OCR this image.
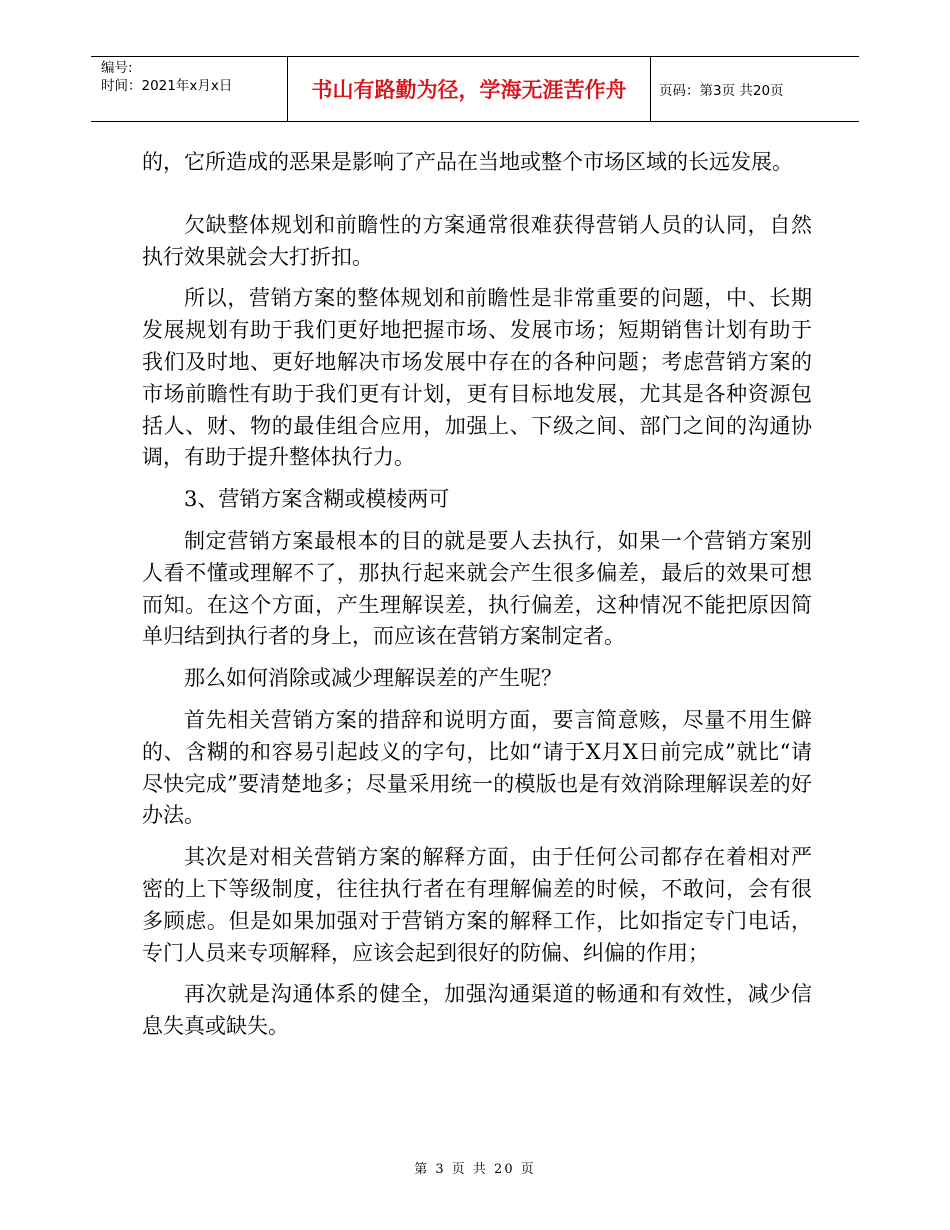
编号:
时间：2021年x月x日	书山有路勤为径，学海无涯苦作舟	页码：第3页 共20页

的，它所造成的恶果是影响了产品在当地或整个市场区域的长远发展。

欠缺整体规划和前瞻性的方案通常很难获得营销人员的认同，自然执行效果就会大打折扣。

所以，营销方案的整体规划和前瞻性是非常重要的问题，中、长期发展规划有助于我们更好地把握市场、发展市场；短期销售计划有助于我们及时地、更好地解决市场发展中存在的各种问题；考虑营销方案的市场前瞻性有助于我们更有计划，更有目标地发展，尤其是各种资源包括人、财、物的最佳组合应用，加强上、下级之间、部门之间的沟通协调，有助于提升整体执行力。

3、营销方案含糊或模棱两可

制定营销方案最根本的目的就是要人去执行，如果一个营销方案别人看不懂或理解不了，那执行起来就会产生很多偏差，最后的效果可想而知。在这个方面，产生理解误差，执行偏差，这种情况不能把原因简单归结到执行者的身上，而应该在营销方案制定者。

那么如何消除或减少理解误差的产生呢？

首先相关营销方案的措辞和说明方面，要言简意赅，尽量不用生僻的、含糊的和容易引起歧义的字句，比如“请于X月X日前完成”就比“请尽快完成”要清楚地多；尽量采用统一的模版也是有效消除理解误差的好办法。

其次是对相关营销方案的解释方面，由于任何公司都存在着相对严密的上下等级制度，往往执行者在有理解偏差的时候，不敢问，会有很多顾虑。但是如果加强对于营销方案的解释工作，比如指定专门电话，专门人员来专项解释，应该会起到很好的防偏、纠偏的作用；

再次就是沟通体系的健全，加强沟通渠道的畅通和有效性，减少信息失真或缺失。

第 3 页 共 20 页
